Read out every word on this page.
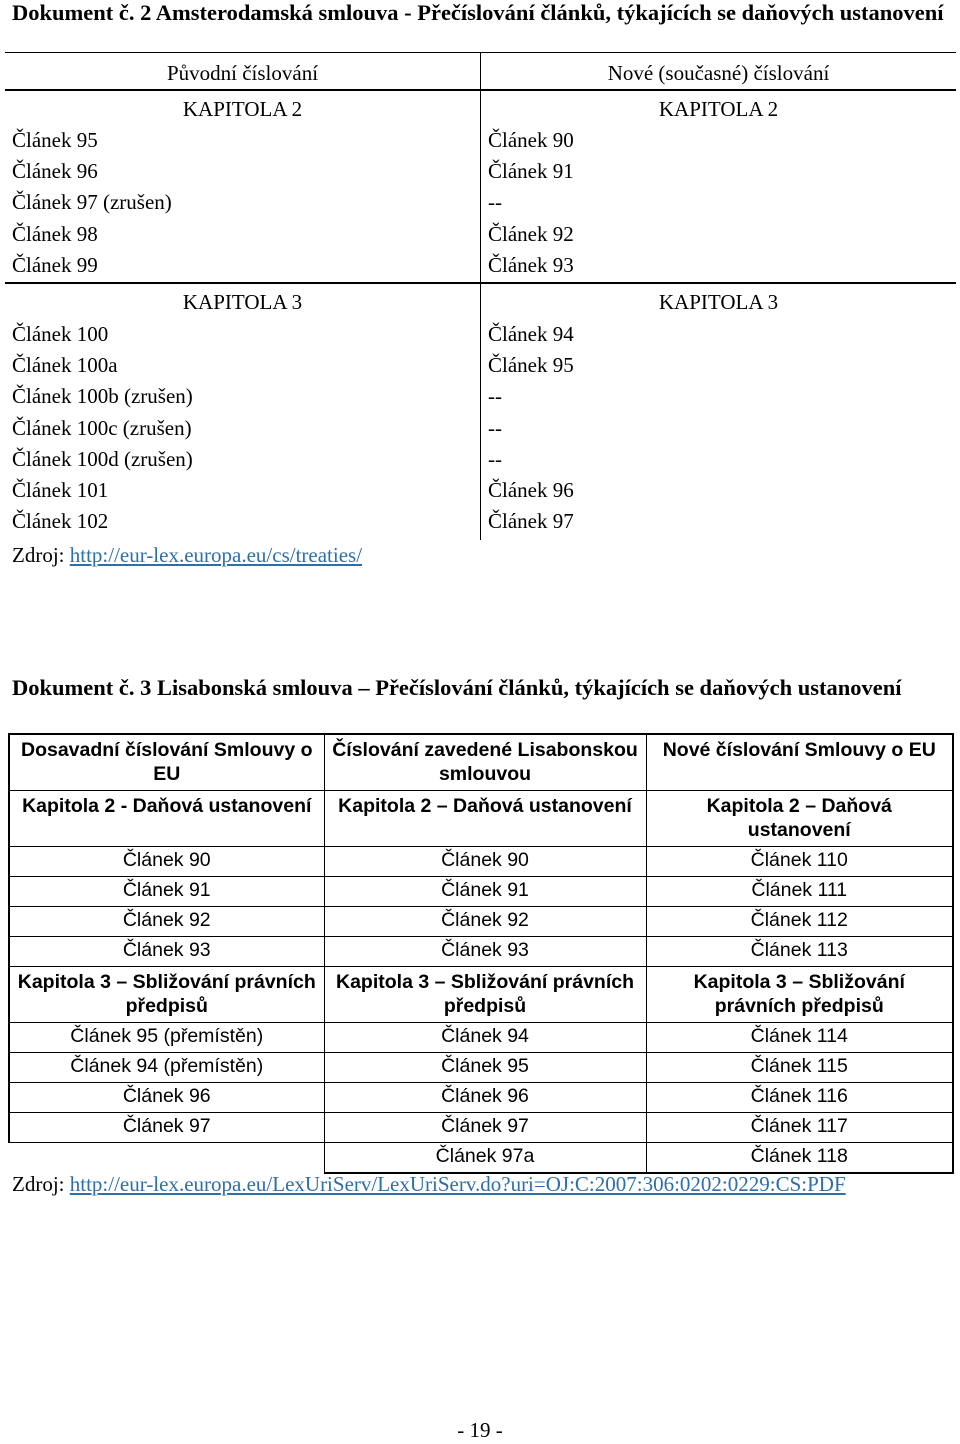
Dokument č. 2 Amsterodamská smlouva - Přečíslování článků, týkajících se daňových ustanovení
Původní číslování	Nové (současné) číslování
KAPITOLA 2	KAPITOLA 2
Článek 95	Článek 90
Článek 96	Článek 91
Článek 97 (zrušen)	--
Článek 98	Článek 92
Článek 99	Článek 93
KAPITOLA 3	KAPITOLA 3
Článek 100	Článek 94
Článek 100a	Článek 95
Článek 100b (zrušen)	--
Článek 100c (zrušen)	--
Článek 100d (zrušen)	--
Článek 101	Článek 96
Článek 102	Článek 97
Zdroj: http://eur-lex.europa.eu/cs/treaties/
Dokument č. 3 Lisabonská smlouva – Přečíslování článků, týkajících se daňových ustanovení
Dosavadní číslování Smlouvy o EU	Číslování zavedené Lisabonskou smlouvou	Nové číslování Smlouvy o EU
Kapitola 2 - Daňová ustanovení	Kapitola 2 – Daňová ustanovení	Kapitola 2 – Daňová ustanovení
Článek 90	Článek 90	Článek 110
Článek 91	Článek 91	Článek 111
Článek 92	Článek 92	Článek 112
Článek 93	Článek 93	Článek 113
Kapitola 3 – Sbližování právních předpisů	Kapitola 3 – Sbližování právních předpisů	Kapitola 3 – Sbližování právních předpisů
Článek 95 (přemístěn)	Článek 94	Článek 114
Článek 94 (přemístěn)	Článek 95	Článek 115
Článek 96	Článek 96	Článek 116
Článek 97	Článek 97	Článek 117
	Článek 97a	Článek 118
Zdroj: http://eur-lex.europa.eu/LexUriServ/LexUriServ.do?uri=OJ:C:2007:306:0202:0229:CS:PDF
- 19 -
